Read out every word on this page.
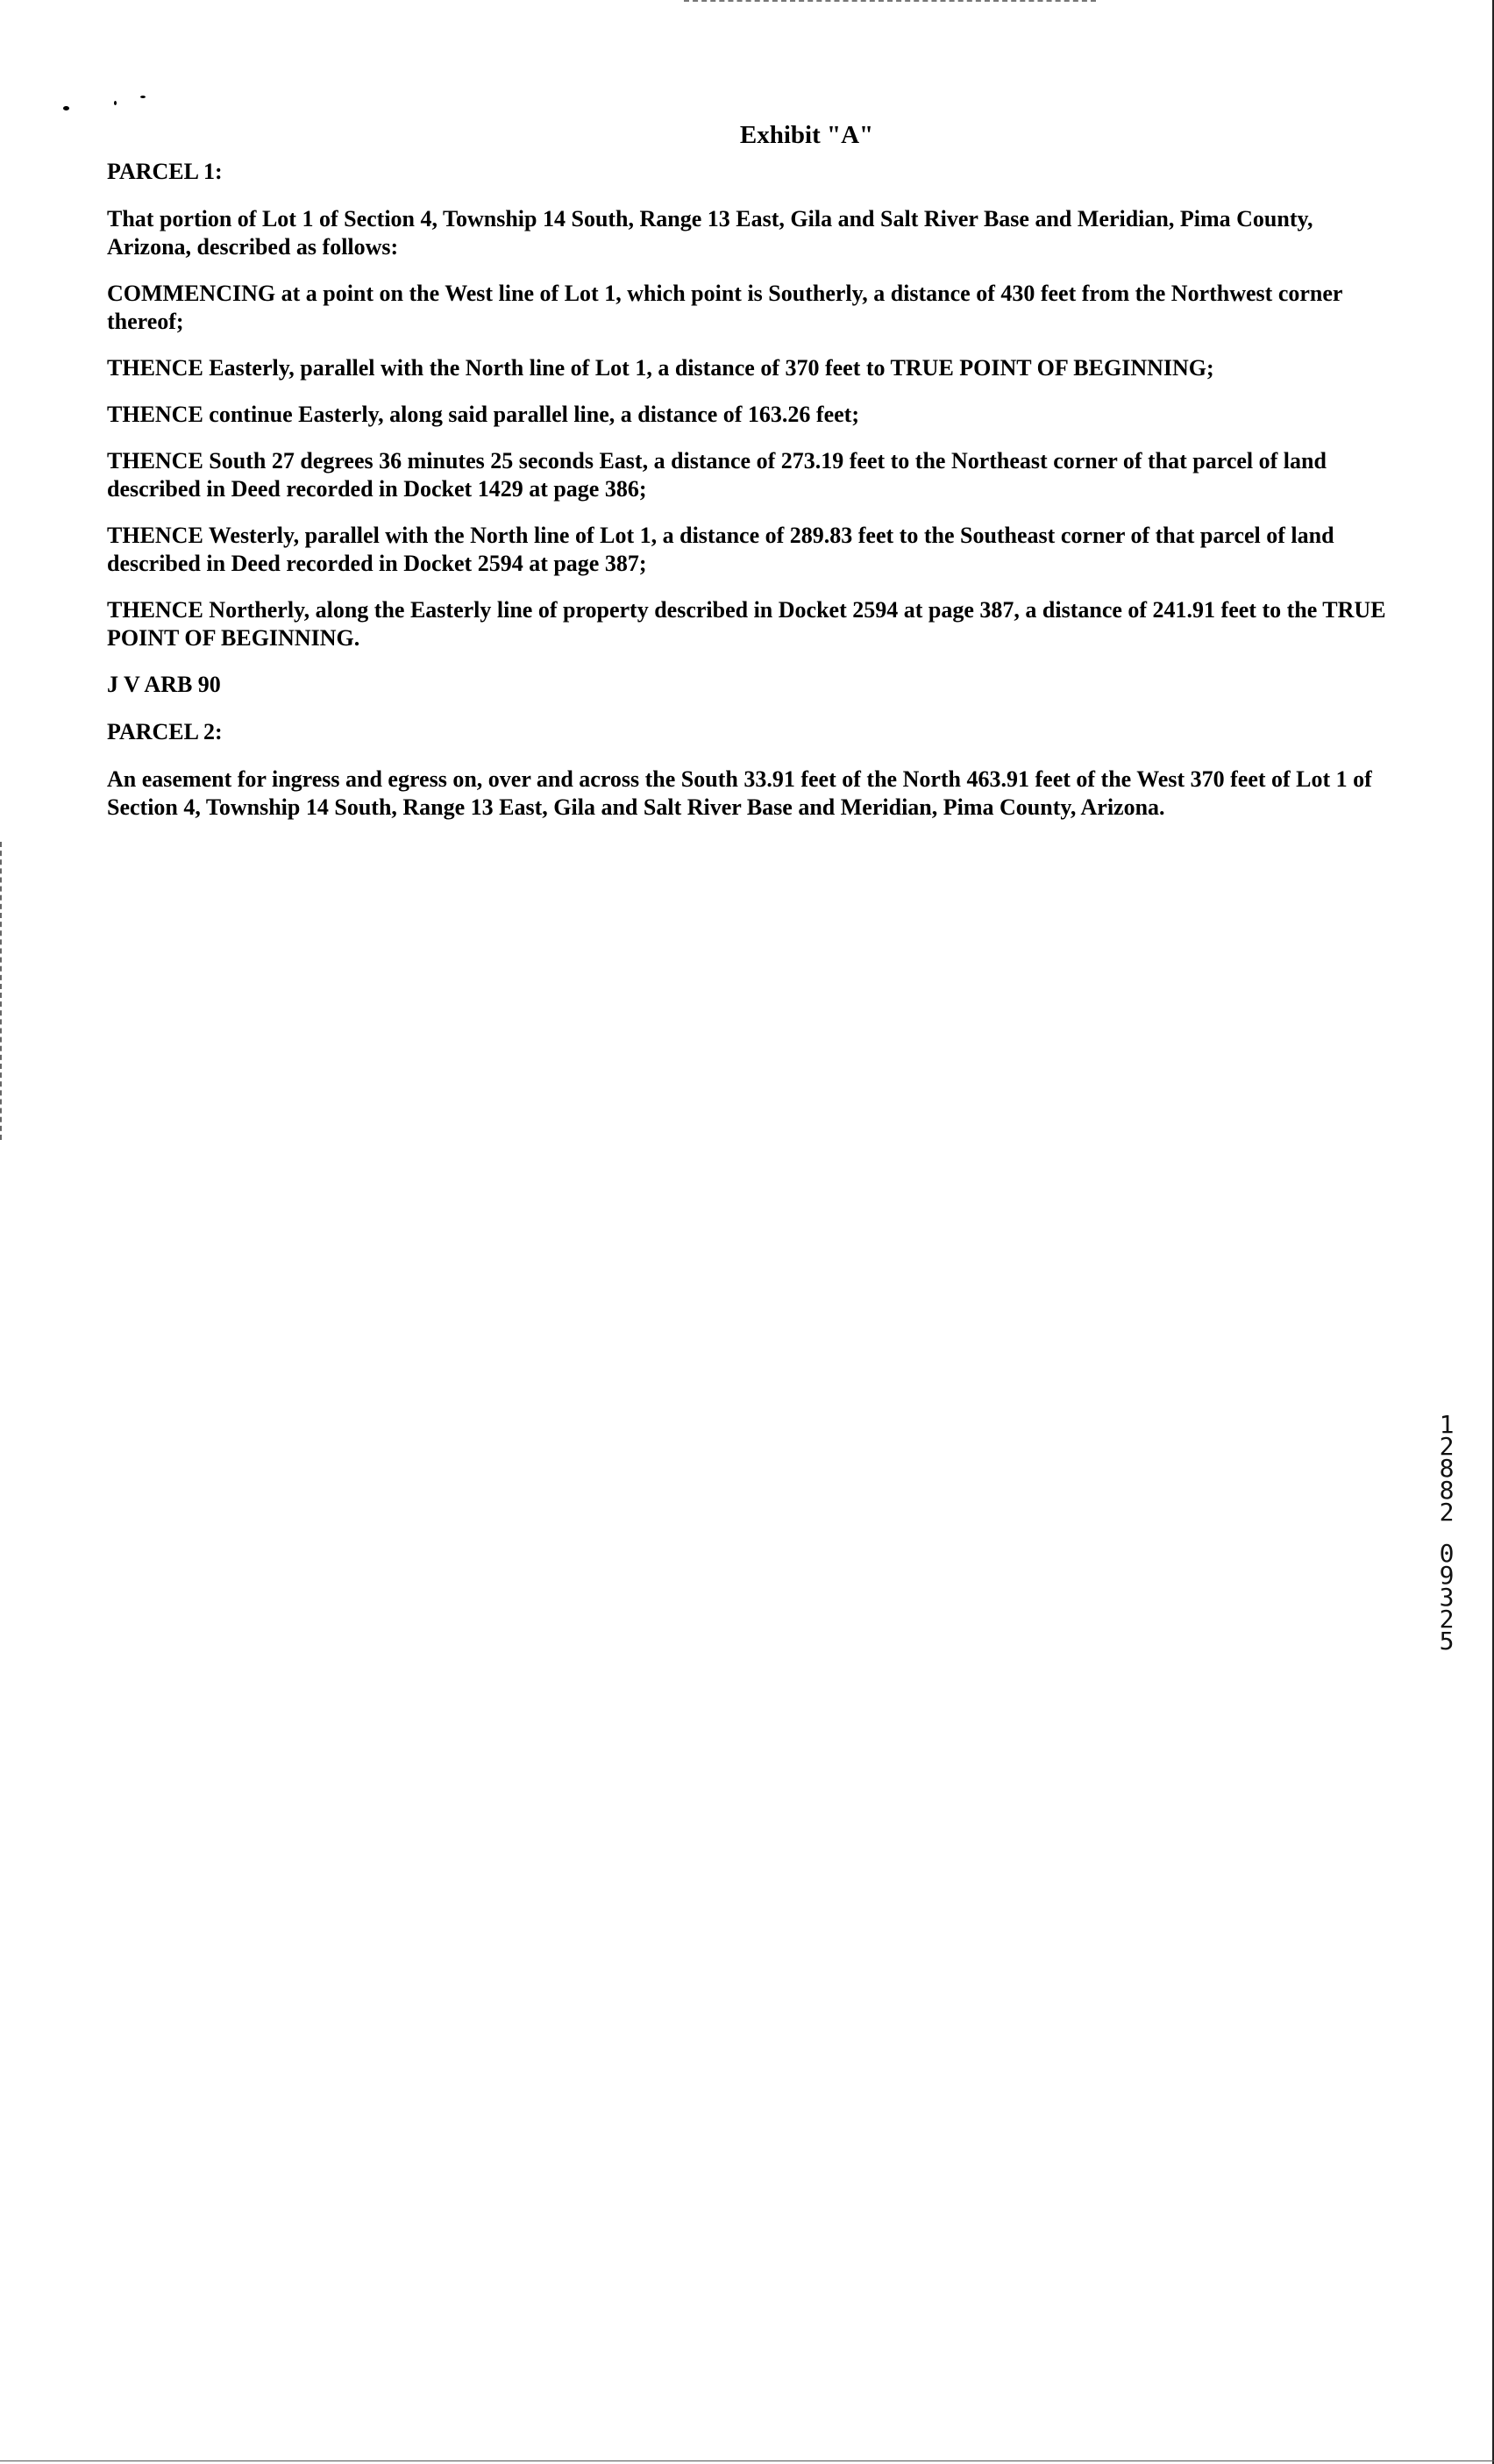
Exhibit "A"

PARCEL 1:

That portion of Lot 1 of Section 4, Township 14 South, Range 13 East, Gila and Salt River Base and Meridian, Pima County, Arizona, described as follows:

COMMENCING at a point on the West line of Lot 1, which point is Southerly, a distance of 430 feet from the Northwest corner thereof;

THENCE Easterly, parallel with the North line of Lot 1, a distance of 370 feet to TRUE POINT OF BEGINNING;

THENCE continue Easterly, along said parallel line, a distance of 163.26 feet;

THENCE South 27 degrees 36 minutes 25 seconds East, a distance of 273.19 feet to the Northeast corner of that parcel of land described in Deed recorded in Docket 1429 at page 386;

THENCE Westerly, parallel with the North line of Lot 1, a distance of 289.83 feet to the Southeast corner of that parcel of land described in Deed recorded in Docket 2594 at page 387;

THENCE Northerly, along the Easterly line of property described in Docket 2594 at page 387, a distance of 241.91 feet to the TRUE POINT OF BEGINNING.

J V ARB 90

PARCEL 2:

An easement for ingress and egress on, over and across the South 33.91 feet of the North 463.91 feet of the West 370 feet of Lot 1 of Section 4, Township 14 South, Range 13 East, Gila and Salt River Base and Meridian, Pima County, Arizona.

1
2
8
8
2
0
9
3
2
5
